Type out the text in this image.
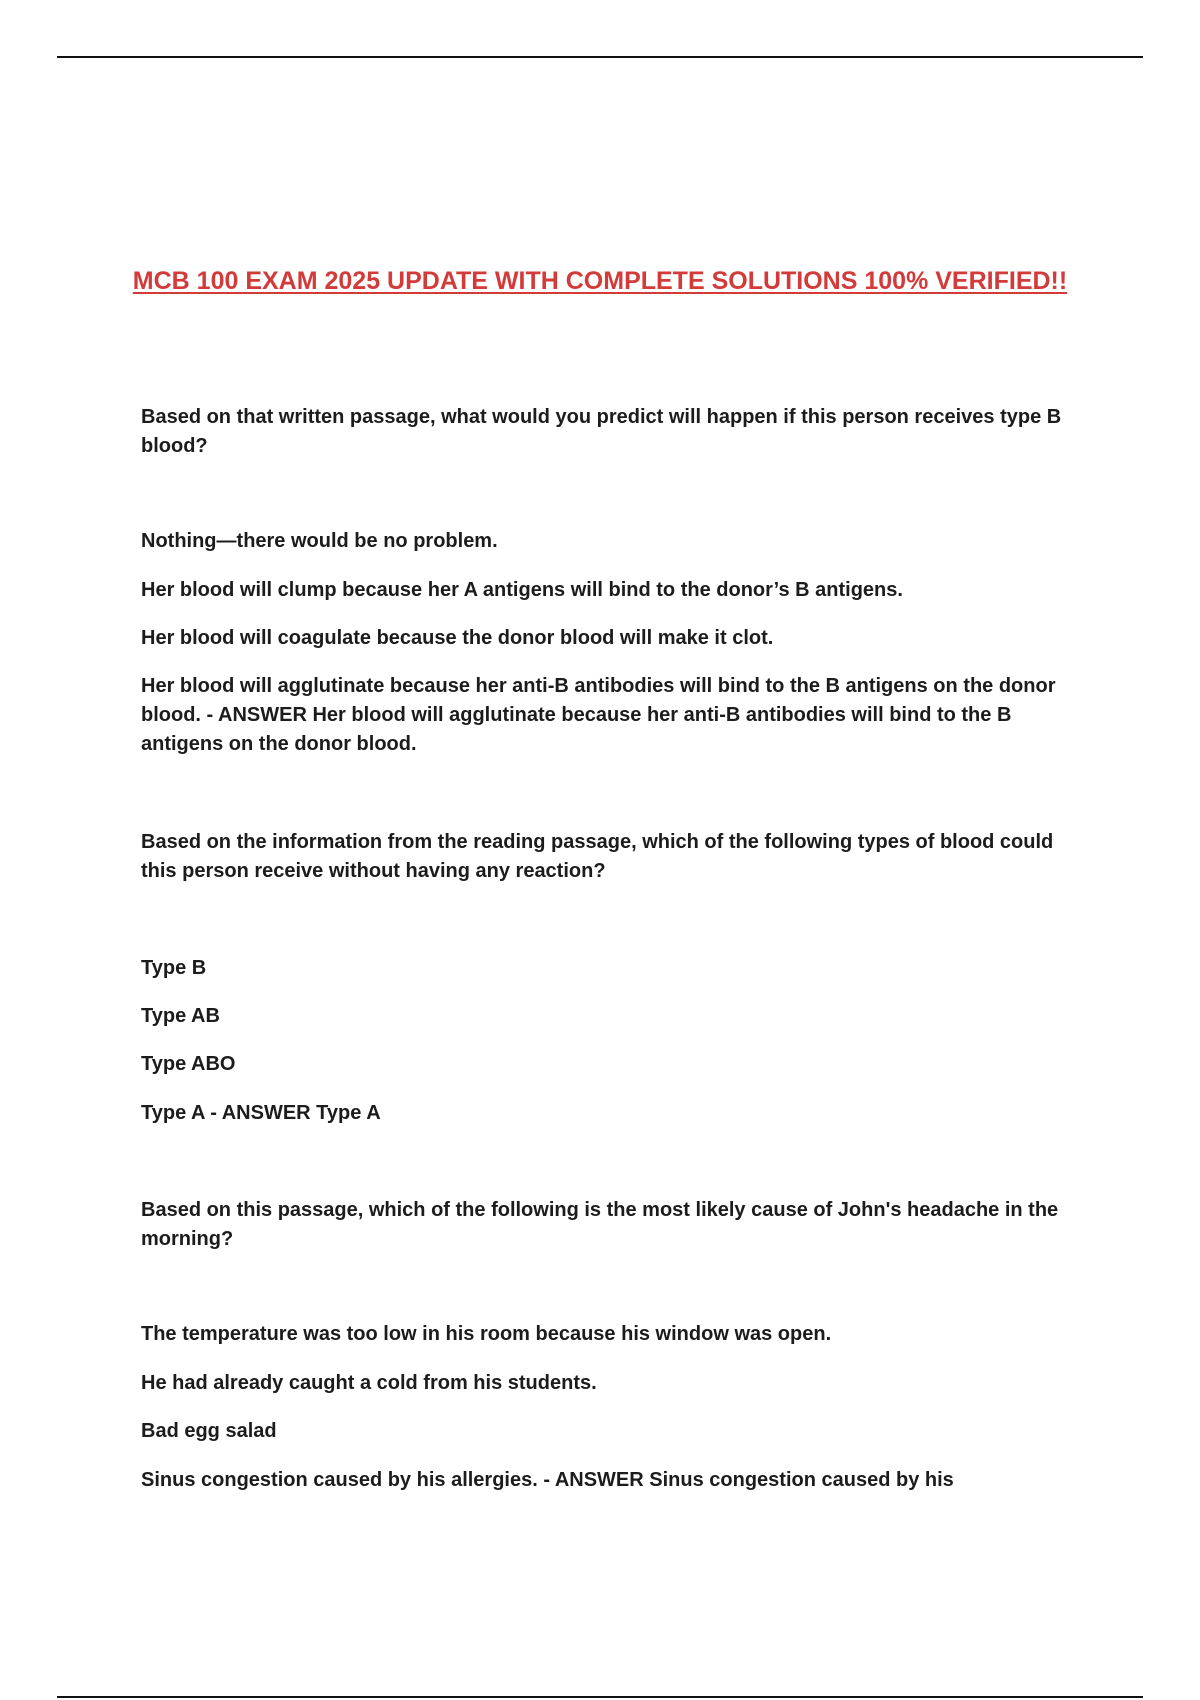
MCB 100 EXAM 2025 UPDATE WITH COMPLETE SOLUTIONS 100% VERIFIED!!
Based on that written passage, what would you predict will happen if this person receives type B blood?
Nothing—there would be no problem.
Her blood will clump because her A antigens will bind to the donor’s B antigens.
Her blood will coagulate because the donor blood will make it clot.
Her blood will agglutinate because her anti-B antibodies will bind to the B antigens on the donor blood. - ANSWER Her blood will agglutinate because her anti-B antibodies will bind to the B antigens on the donor blood.
Based on the information from the reading passage, which of the following types of blood could this person receive without having any reaction?
Type B
Type AB
Type ABO
Type A - ANSWER Type A
Based on this passage, which of the following is the most likely cause of John's headache in the morning?
The temperature was too low in his room because his window was open.
He had already caught a cold from his students.
Bad egg salad
Sinus congestion caused by his allergies. - ANSWER Sinus congestion caused by his
